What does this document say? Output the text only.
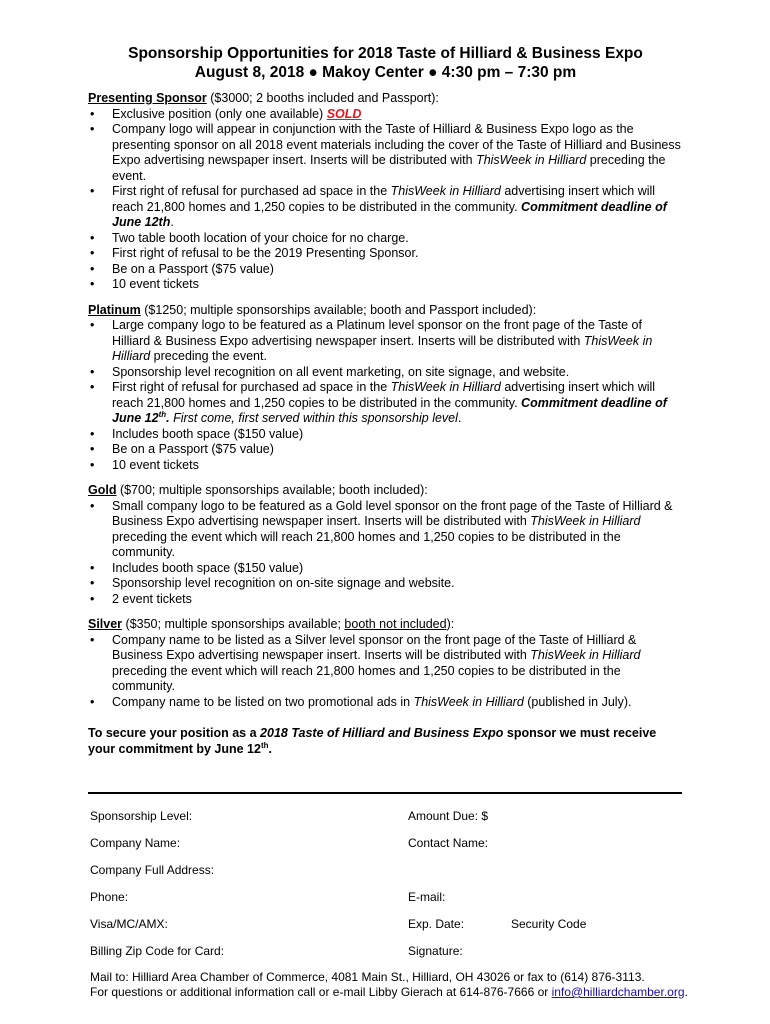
Sponsorship Opportunities for 2018 Taste of Hilliard & Business Expo

August 8, 2018 ● Makoy Center ● 4:30 pm – 7:30 pm

Presenting Sponsor ($3000; 2 booths included and Passport):
• Exclusive position (only one available) SOLD
• Company logo will appear in conjunction with the Taste of Hilliard & Business Expo logo as the presenting sponsor on all 2018 event materials including the cover of the Taste of Hilliard and Business Expo advertising newspaper insert. Inserts will be distributed with ThisWeek in Hilliard preceding the event.
• First right of refusal for purchased ad space in the ThisWeek in Hilliard advertising insert which will reach 21,800 homes and 1,250 copies to be distributed in the community. Commitment deadline of June 12th.
• Two table booth location of your choice for no charge.
• First right of refusal to be the 2019 Presenting Sponsor.
• Be on a Passport ($75 value)
• 10 event tickets
Platinum ($1250; multiple sponsorships available; booth and Passport included):
• Large company logo to be featured as a Platinum level sponsor on the front page of the Taste of Hilliard & Business Expo advertising newspaper insert. Inserts will be distributed with ThisWeek in Hilliard preceding the event.
• Sponsorship level recognition on all event marketing, on site signage, and website.
• First right of refusal for purchased ad space in the ThisWeek in Hilliard advertising insert which will reach 21,800 homes and 1,250 copies to be distributed in the community. Commitment deadline of June 12th. First come, first served within this sponsorship level.
• Includes booth space ($150 value)
• Be on a Passport ($75 value)
• 10 event tickets
Gold ($700; multiple sponsorships available; booth included):
• Small company logo to be featured as a Gold level sponsor on the front page of the Taste of Hilliard & Business Expo advertising newspaper insert. Inserts will be distributed with ThisWeek in Hilliard preceding the event which will reach 21,800 homes and 1,250 copies to be distributed in the community.
• Includes booth space ($150 value)
• Sponsorship level recognition on on-site signage and website.
• 2 event tickets
Silver ($350; multiple sponsorships available; booth not included):
• Company name to be listed as a Silver level sponsor on the front page of the Taste of Hilliard & Business Expo advertising newspaper insert. Inserts will be distributed with ThisWeek in Hilliard preceding the event which will reach 21,800 homes and 1,250 copies to be distributed in the community.
• Company name to be listed on two promotional ads in ThisWeek in Hilliard (published in July).
To secure your position as a 2018 Taste of Hilliard and Business Expo sponsor we must receive your commitment by June 12th.
Sponsorship Level:	Amount Due: $
Company Name:	Contact Name:
Company Full Address:
Phone:	E-mail:
Visa/MC/AMX:	Exp. Date:	Security Code
Billing Zip Code for Card:	Signature:
Mail to: Hilliard Area Chamber of Commerce, 4081 Main St., Hilliard, OH 43026 or fax to (614) 876-3113.
For questions or additional information call or e-mail Libby Gierach at 614-876-7666 or info@hilliardchamber.org.
